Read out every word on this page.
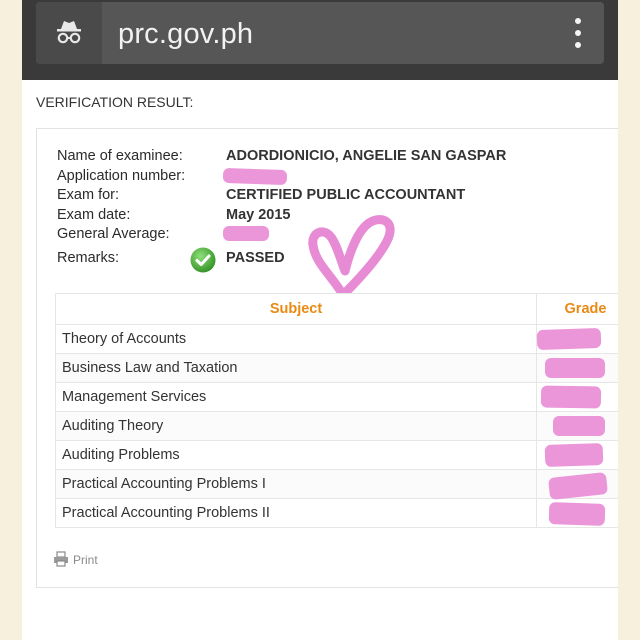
prc.gov.ph
VERIFICATION RESULT:
Name of examinee:	ADORDIONICIO, ANGELIE SAN GASPAR
Application number:
Exam for:	CERTIFIED PUBLIC ACCOUNTANT
Exam date:	May 2015
General Average:
Remarks:	PASSED
Subject	Grade
Theory of Accounts	

Business Law and Taxation	

Management Services	

Auditing Theory	

Auditing Problems	

Practical Accounting Problems I	

Practical Accounting Problems II	
Print
